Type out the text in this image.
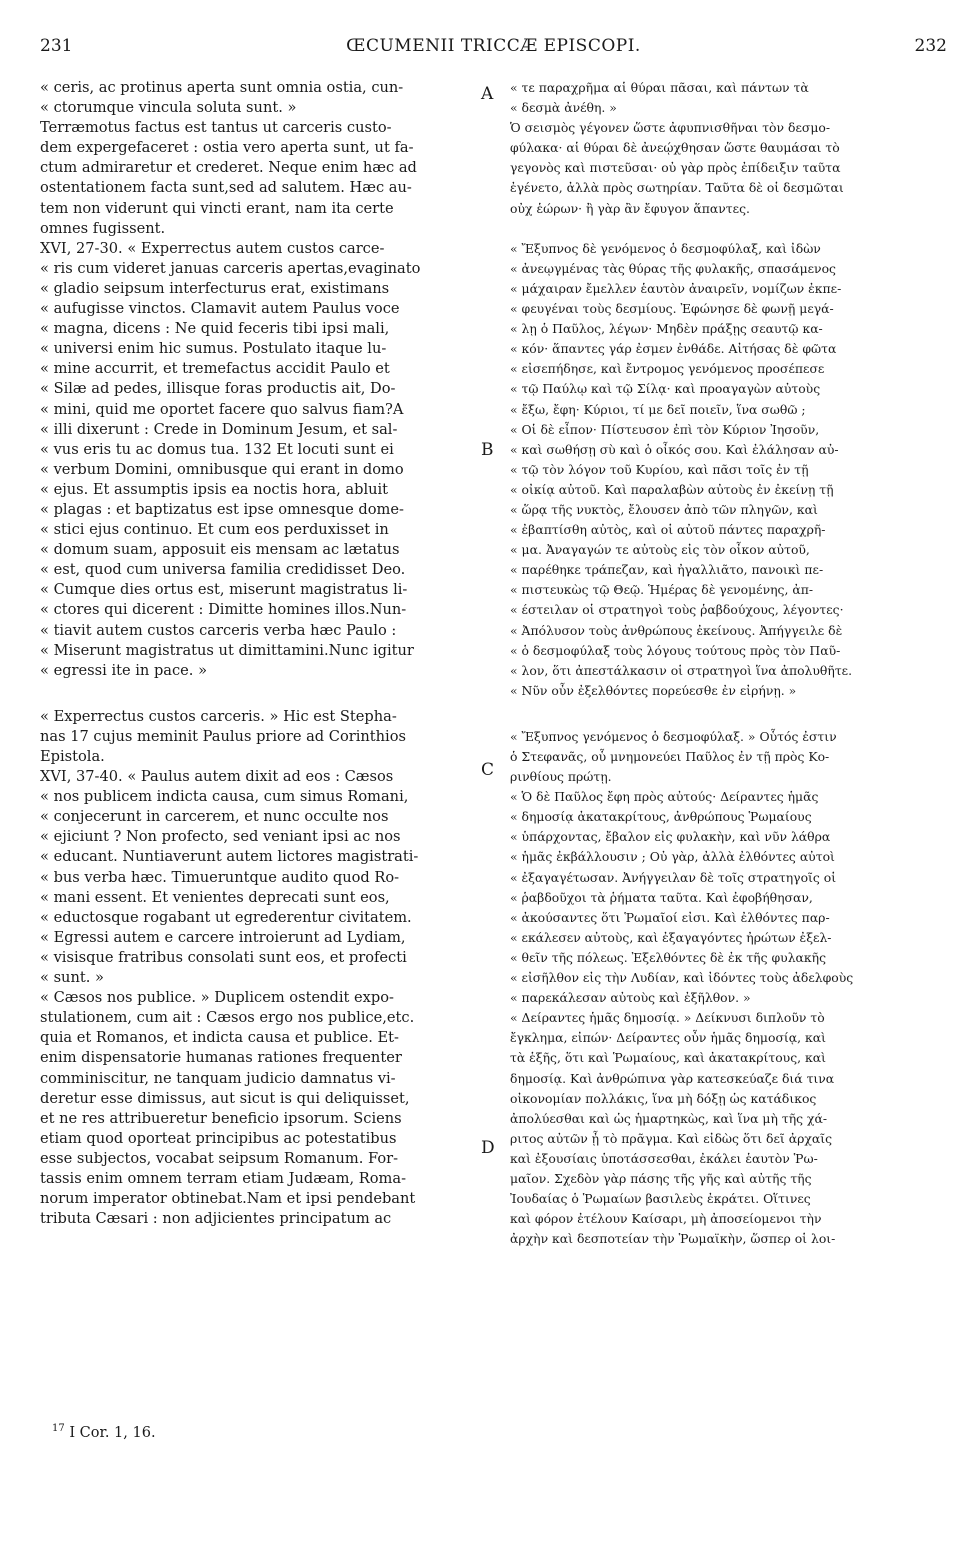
231	ŒCUMENII TRICCÆ EPISCOPI.	232
« ceris, ac protinus aperta sunt omnia ostia, cun-
« ctorumque vincula soluta sunt. »
Terræmotus factus est tantus ut carceris custo-
dem expergefaceret : ostia vero aperta sunt, ut fa-
ctum admiraretur et crederet. Neque enim hæc ad
ostentationem facta sunt,sed ad salutem. Hæc au-
tem non viderunt qui vincti erant, nam ita certe
omnes fugissent.
XVI, 27-30. « Experrectus autem custos carce-
« ris cum videret januas carceris apertas,evaginato
« gladio seipsum interfecturus erat, existimans
« aufugisse vinctos. Clamavit autem Paulus voce
« magna, dicens : Ne quid feceris tibi ipsi mali,
« universi enim hic sumus. Postulato itaque lu-
« mine accurrit, et tremefactus accidit Paulo et
« Silæ ad pedes, illisque foras productis ait, Do-
« mini, quid me oportet facere quo salvus fiam?A
« illi dixerunt : Crede in Dominum Jesum, et sal-
« vus eris tu ac domus tua. 132 Et locuti sunt ei
« verbum Domini, omnibusque qui erant in domo
« ejus. Et assumptis ipsis ea noctis hora, abluit
« plagas : et baptizatus est ipse omnesque dome-
« stici ejus continuo. Et cum eos perduxisset in
« domum suam, apposuit eis mensam ac lætatus
« est, quod cum universa familia credidisset Deo.
« Cumque dies ortus est, miserunt magistratus li-
« ctores qui dicerent : Dimitte homines illos.Nun-
« tiavit autem custos carceris verba hæc Paulo :
« Miserunt magistratus ut dimittamini.Nunc igitur
« egressi ite in pace. »
« Experrectus custos carceris. » Hic est Stepha-
nas 17 cujus meminit Paulus priore ad Corinthios
Epistola.
XVI, 37-40. « Paulus autem dixit ad eos : Cæsos
« nos publicem indicta causa, cum simus Romani,
« conjecerunt in carcerem, et nunc occulte nos
« ejiciunt ? Non profecto, sed veniant ipsi ac nos
« educant. Nuntiaverunt autem lictores magistrati-
« bus verba hæc. Timueruntque audito quod Ro-
« mani essent. Et venientes deprecati sunt eos,
« eductosque rogabant ut egrederentur civitatem.
« Egressi autem e carcere introierunt ad Lydiam,
« visisque fratribus consolati sunt eos, et profecti
« sunt. »
« Cæsos nos publice. » Duplicem ostendit expo-
stulationem, cum ait : Cæsos ergo nos publice,etc.
quia et Romanos, et indicta causa et publice. Et-
enim dispensatorie humanas rationes frequenter
comminiscitur, ne tanquam judicio damnatus vi-
deretur esse dimissus, aut sicut is qui deliquisset,
et ne res attribueretur beneficio ipsorum. Sciens
etiam quod oporteat principibus ac potestatibus
esse subjectos, vocabat seipsum Romanum. For-
tassis enim omnem terram etiam Judæam, Roma-
norum imperator obtinebat.Nam et ipsi pendebant
tributa Cæsari : non adjicientes principatum ac
« τε παραχρῆμα αἱ θύραι πᾶσαι, καὶ πάντων τὰ
« δεσμὰ ἀνέθη. »
Ὁ σεισμὸς γέγονεν ὥστε ἀφυπνισθῆναι τὸν δεσμο-
φύλακα· αἱ θύραι δὲ ἀνεῴχθησαν ὥστε θαυμάσαι τὸ
γεγονὸς καὶ πιστεῦσαι· οὐ γὰρ πρὸς ἐπίδειξιν ταῦτα
ἐγένετο, ἀλλὰ πρὸς σωτηρίαν. Ταῦτα δὲ οἱ δεσμῶται
οὐχ ἑώρων· ἢ γὰρ ἂν ἔφυγον ἅπαντες.
« Ἔξυπνος δὲ γενόμενος ὁ δεσμοφύλαξ, καὶ ἰδὼν
« ἀνεῳγμένας τὰς θύρας τῆς φυλακῆς, σπασάμενος
« μάχαιραν ἔμελλεν ἑαυτὸν ἀναιρεῖν, νομίζων ἐκπε-
« φευγέναι τοὺς δεσμίους. Ἐφώνησε δὲ φωνῇ μεγά-
« λῃ ὁ Παῦλος, λέγων· Μηδὲν πράξῃς σεαυτῷ κα-
« κόν· ἅπαντες γάρ ἐσμεν ἐνθάδε. Αἰτήσας δὲ φῶτα
« εἰσεπήδησε, καὶ ἔντρομος γενόμενος προσέπεσε
« τῷ Παύλῳ καὶ τῷ Σίλᾳ· καὶ προαγαγὼν αὐτοὺς
« ἔξω, ἔφη· Κύριοι, τί με δεῖ ποιεῖν, ἵνα σωθῶ ;
« Οἱ δὲ εἶπον· Πίστευσον ἐπὶ τὸν Κύριον Ἰησοῦν,
« καὶ σωθήσῃ σὺ καὶ ὁ οἶκός σου. Καὶ ἐλάλησαν αὐ-
« τῷ τὸν λόγον τοῦ Κυρίου, καὶ πᾶσι τοῖς ἐν τῇ
« οἰκίᾳ αὐτοῦ. Καὶ παραλαβὼν αὐτοὺς ἐν ἐκείνῃ τῇ
« ὥρᾳ τῆς νυκτὸς, ἔλουσεν ἀπὸ τῶν πληγῶν, καὶ
« ἐβαπτίσθη αὐτὸς, καὶ οἱ αὐτοῦ πάντες παραχρῆ-
« μα. Ἀναγαγών τε αὐτοὺς εἰς τὸν οἶκον αὐτοῦ,
« παρέθηκε τράπεζαν, καὶ ἠγαλλιᾶτο, πανοικὶ πε-
« πιστευκὼς τῷ Θεῷ. Ἡμέρας δὲ γενομένης, ἀπ-
« έστειλαν οἱ στρατηγοὶ τοὺς ῥαβδούχους, λέγοντες·
« Ἀπόλυσον τοὺς ἀνθρώπους ἐκείνους. Ἀπήγγειλε δὲ
« ὁ δεσμοφύλαξ τοὺς λόγους τούτους πρὸς τὸν Παῦ-
« λον, ὅτι ἀπεστάλκασιν οἱ στρατηγοὶ ἵνα ἀπολυθῆτε.
« Νῦν οὖν ἐξελθόντες πορεύεσθε ἐν εἰρήνῃ. »
« Ἔξυπνος γενόμενος ὁ δεσμοφύλαξ. » Οὗτός ἐστιν
ὁ Στεφανᾶς, οὗ μνημονεύει Παῦλος ἐν τῇ πρὸς Κο-
ρινθίους πρώτῃ.
« Ὁ δὲ Παῦλος ἔφη πρὸς αὐτούς· Δείραντες ἡμᾶς
« δημοσίᾳ ἀκατακρίτους, ἀνθρώπους Ῥωμαίους
« ὑπάρχοντας, ἔβαλον εἰς φυλακὴν, καὶ νῦν λάθρα
« ἡμᾶς ἐκβάλλουσιν ; Οὐ γὰρ, ἀλλὰ ἐλθόντες αὐτοὶ
« ἐξαγαγέτωσαν. Ἀνήγγειλαν δὲ τοῖς στρατηγοῖς οἱ
« ῥαβδοῦχοι τὰ ῥήματα ταῦτα. Καὶ ἐφοβήθησαν,
« ἀκούσαντες ὅτι Ῥωμαῖοί εἰσι. Καὶ ἐλθόντες παρ-
« εκάλεσεν αὐτοὺς, καὶ ἐξαγαγόντες ἠρώτων ἐξελ-
« θεῖν τῆς πόλεως. Ἐξελθόντες δὲ ἐκ τῆς φυλακῆς
« εἰσῆλθον εἰς τὴν Λυδίαν, καὶ ἰδόντες τοὺς ἀδελφοὺς
« παρεκάλεσαν αὐτοὺς καὶ ἐξῆλθον. »
« Δείραντες ἡμᾶς δημοσίᾳ. » Δείκνυσι διπλοῦν τὸ
ἔγκλημα, εἰπών· Δείραντες οὖν ἡμᾶς δημοσίᾳ, καὶ
τὰ ἑξῆς, ὅτι καὶ Ῥωμαίους, καὶ ἀκατακρίτους, καὶ
δημοσίᾳ. Καὶ ἀνθρώπινα γὰρ κατεσκεύαζε διά τινα
οἰκονομίαν πολλάκις, ἵνα μὴ δόξῃ ὡς κατάδικος
ἀπολύεσθαι καὶ ὡς ἡμαρτηκὼς, καὶ ἵνα μὴ τῆς χά-
ριτος αὐτῶν ᾖ τὸ πρᾶγμα. Καὶ εἰδὼς ὅτι δεῖ ἀρχαῖς
καὶ ἐξουσίαις ὑποτάσσεσθαι, ἐκάλει ἑαυτὸν Ῥω-
μαῖον. Σχεδὸν γὰρ πάσης τῆς γῆς καὶ αὐτῆς τῆς
Ἰουδαίας ὁ Ῥωμαίων βασιλεὺς ἐκράτει. Οἵτινες
καὶ φόρον ἐτέλουν Καίσαρι, μὴ ἀποσείομενοι τὴν
ἀρχὴν καὶ δεσποτείαν τὴν Ῥωμαϊκὴν, ὥσπερ οἱ λοι-
A
B
C
D
$^{17}$ I Cor. 1, 16.
